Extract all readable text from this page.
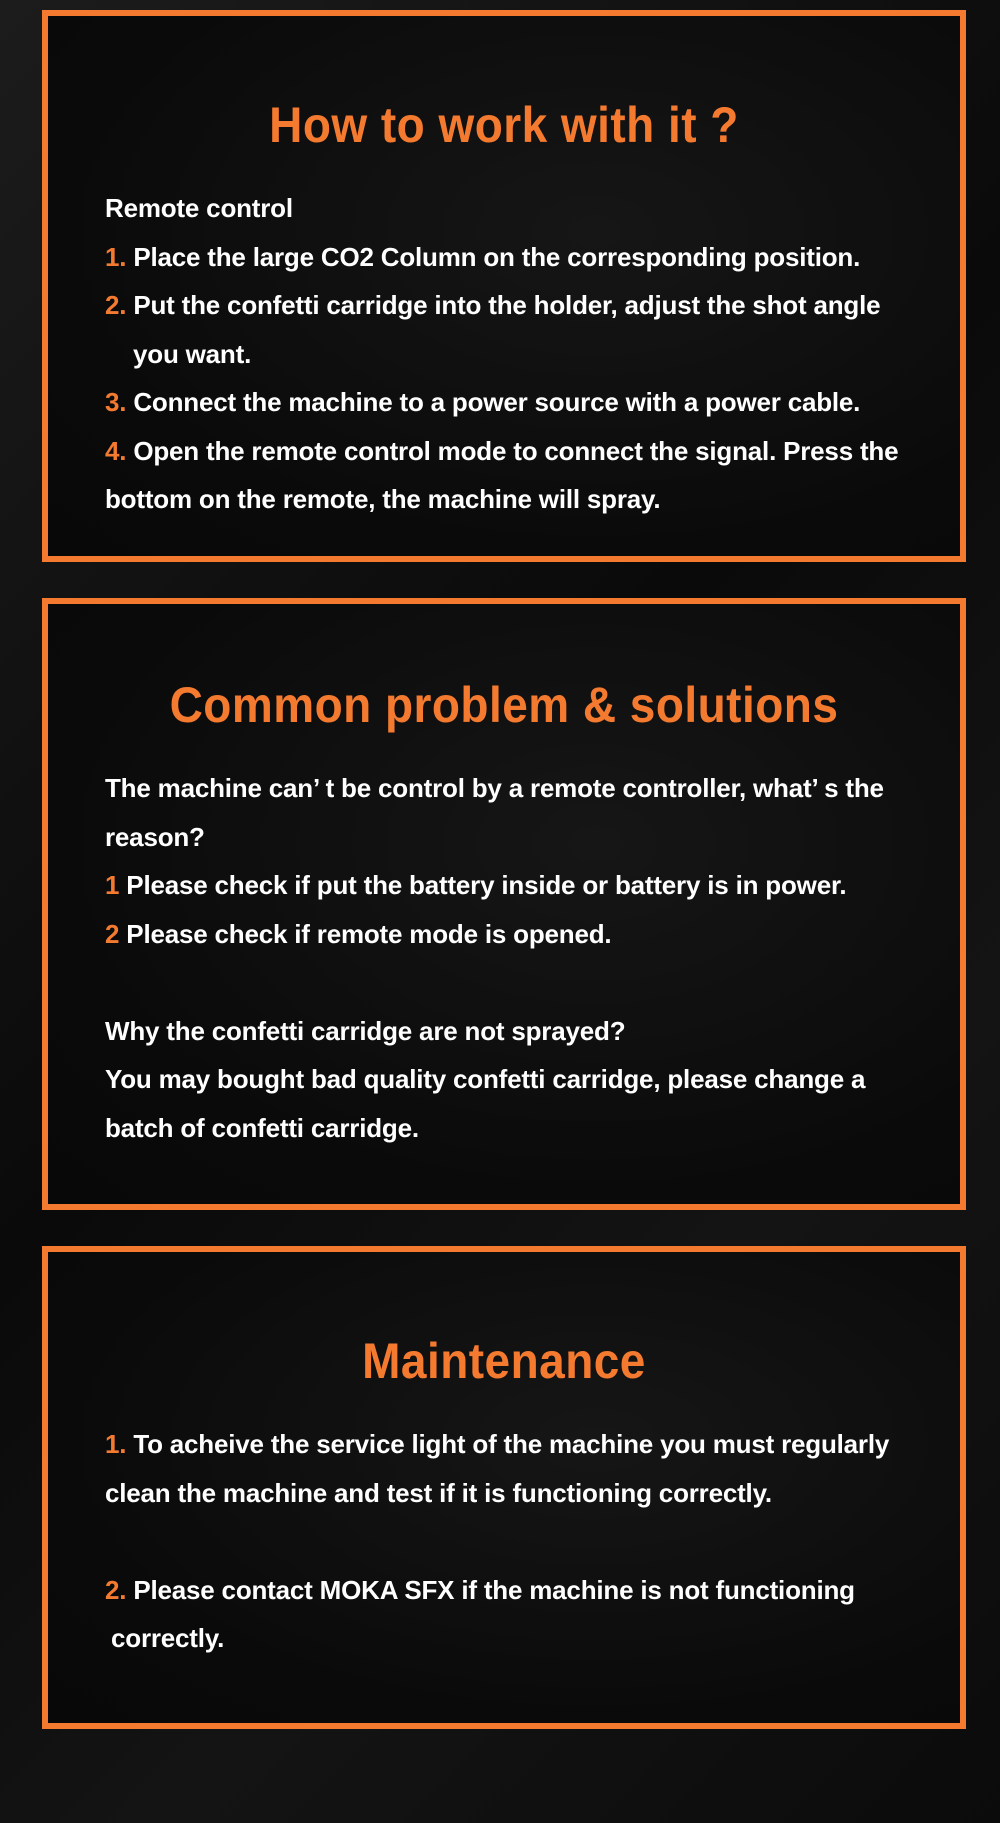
How to work with it ?
Remote control
1. Place the large CO2 Column on the corresponding position.
2. Put the confetti carridge into the holder, adjust the shot angle
you want.
3. Connect the machine to a power source with a power cable.
4. Open the remote control mode to connect the signal. Press the
bottom on the remote, the machine will spray.
Common problem & solutions
The machine can’ t be control by a remote controller, what’ s the
reason?
1 Please check if put the battery inside or battery is in power.
2 Please check if remote mode is opened.
Why the confetti carridge are not sprayed?
You may bought bad quality confetti carridge, please change a
batch of confetti carridge.
Maintenance
1. To acheive the service light of the machine you must regularly
clean the machine and test if it is functioning correctly.
2. Please contact MOKA SFX if the machine is not functioning
correctly.
